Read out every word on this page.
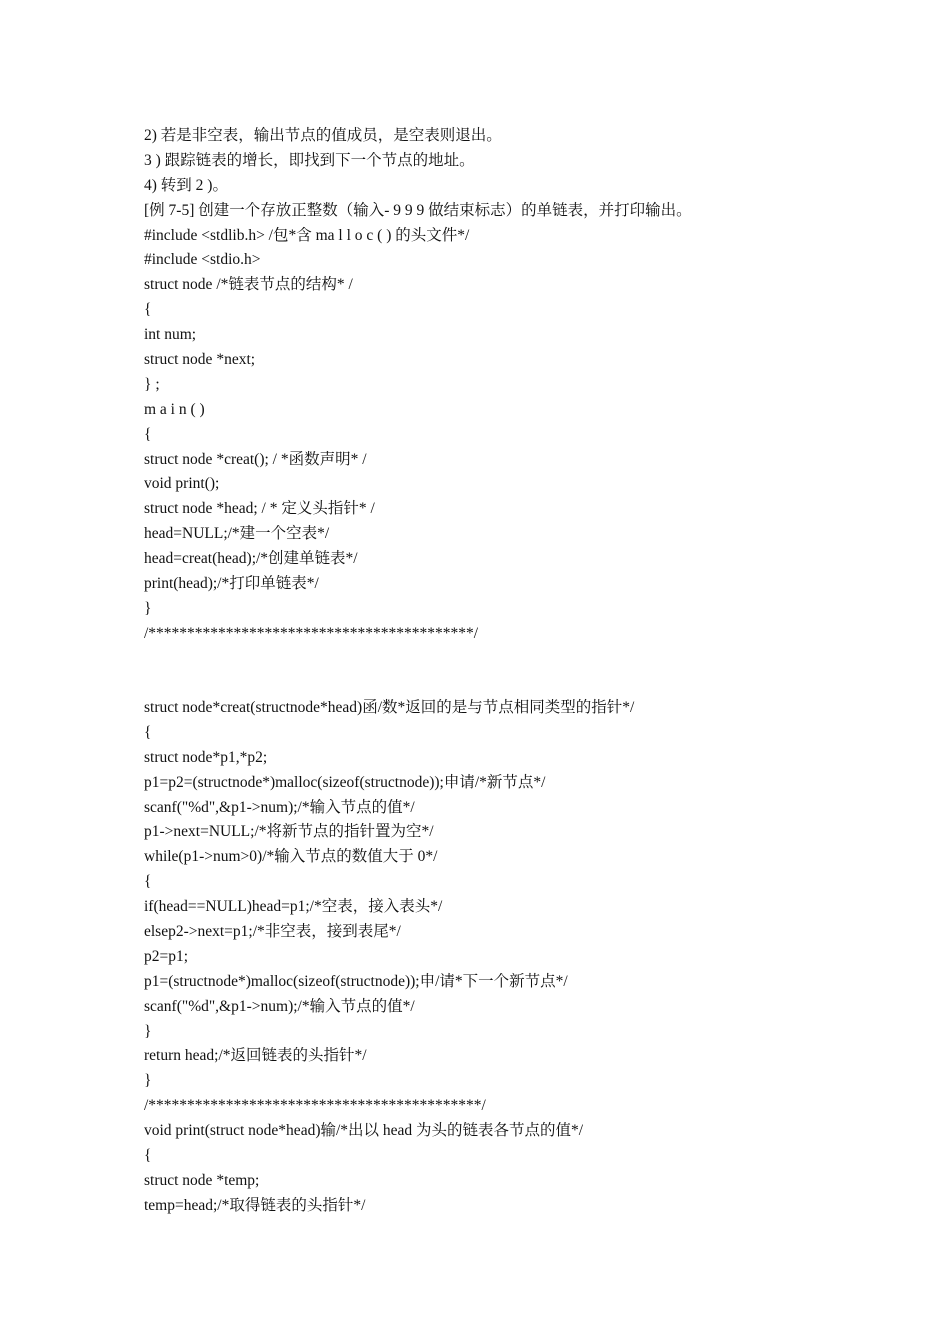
2) 若是非空表，输出节点的值成员，是空表则退出。
3 ) 跟踪链表的增长，即找到下一个节点的地址。
4) 转到 2 )。
[例 7-5] 创建一个存放正整数（输入- 9 9 9 做结束标志）的单链表，并打印输出。
#include <stdlib.h> /包*含 ma l l o c ( ) 的头文件*/
#include <stdio.h>
struct node /*链表节点的结构* /
{
int num;
struct node *next;
} ;
m a i n ( )
{
struct node *creat(); / *函数声明* /
void print();
struct node *head; / * 定义头指针* /
head=NULL;/*建一个空表*/
head=creat(head);/*创建单链表*/
print(head);/*打印单链表*/
}
/******************************************/
struct node*creat(structnode*head)函/数*返回的是与节点相同类型的指针*/
{
struct node*p1,*p2;
p1=p2=(structnode*)malloc(sizeof(structnode));申请/*新节点*/
scanf("%d",&p1->num);/*输入节点的值*/
p1->next=NULL;/*将新节点的指针置为空*/
while(p1->num>0)/*输入节点的数值大于 0*/
{
if(head==NULL)head=p1;/*空表，接入表头*/
elsep2->next=p1;/*非空表，接到表尾*/
p2=p1;
p1=(structnode*)malloc(sizeof(structnode));申/请*下一个新节点*/
scanf("%d",&p1->num);/*输入节点的值*/
}
return head;/*返回链表的头指针*/
}
/*******************************************/
void print(struct node*head)输/*出以 head 为头的链表各节点的值*/
{
struct node *temp;
temp=head;/*取得链表的头指针*/
